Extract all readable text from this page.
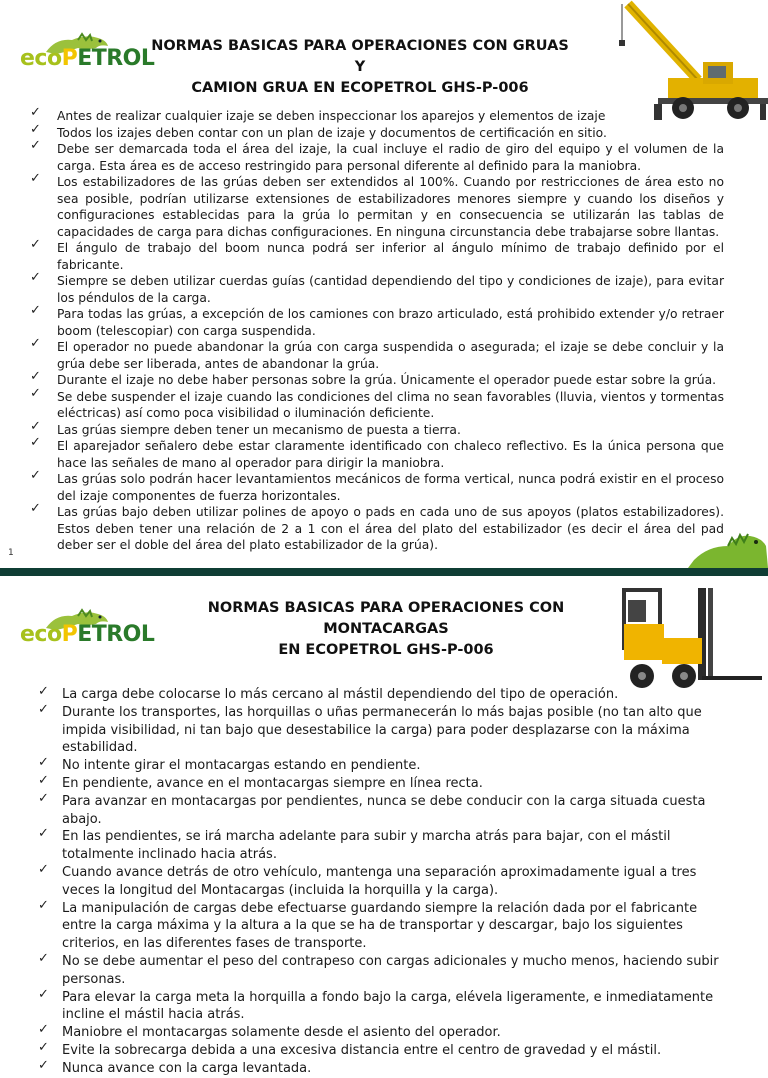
ecoPETROL
NORMAS BASICAS PARA OPERACIONES CON GRUAS Y
CAMION GRUA EN ECOPETROL GHS-P-006
✓ Antes de realizar cualquier izaje se deben inspeccionar los aparejos y elementos de izaje
✓ Todos los izajes deben contar con un plan de izaje y documentos de certificación en sitio.
✓ Debe ser demarcada toda el área del izaje, la cual incluye el radio de giro del equipo y el volumen de la carga. Esta área es de acceso restringido para personal diferente al definido para la maniobra.
✓ Los estabilizadores de las grúas deben ser extendidos al 100%. Cuando por restricciones de área esto no sea posible, podrían utilizarse extensiones de estabilizadores menores siempre y cuando los diseños y configuraciones establecidas para la grúa lo permitan y en consecuencia se utilizarán las tablas de capacidades de carga para dichas configuraciones. En ninguna circunstancia debe trabajarse sobre llantas.
✓ El ángulo de trabajo del boom nunca podrá ser inferior al ángulo mínimo de trabajo definido por el fabricante.
✓ Siempre se deben utilizar cuerdas guías (cantidad dependiendo del tipo y condiciones de izaje), para evitar los péndulos de la carga.
✓ Para todas las grúas, a excepción de los camiones con brazo articulado, está prohibido extender y/o retraer boom (telescopiar) con carga suspendida.
✓ El operador no puede abandonar la grúa con carga suspendida o asegurada; el izaje se debe concluir y la grúa debe ser liberada, antes de abandonar la grúa.
✓ Durante el izaje no debe haber personas sobre la grúa. Únicamente el operador puede estar sobre la grúa.
✓ Se debe suspender el izaje cuando las condiciones del clima no sean favorables (lluvia, vientos y tormentas eléctricas) así como poca visibilidad o iluminación deficiente.
✓ Las grúas siempre deben tener un mecanismo de puesta a tierra.
✓ El aparejador señalero debe estar claramente identificado con chaleco reflectivo. Es la única persona que hace las señales de mano al operador para dirigir la maniobra.
✓ Las grúas solo podrán hacer levantamientos mecánicos de forma vertical, nunca podrá existir en el proceso del izaje componentes de fuerza horizontales.
✓ Las grúas bajo deben utilizar polines de apoyo o pads en cada uno de sus apoyos (platos estabilizadores). Estos deben tener una relación de 2 a 1 con el área del plato del estabilizador (es decir el área del pad deber ser el doble del área del plato estabilizador de la grúa).
1
ecoPETROL
NORMAS BASICAS PARA OPERACIONES CON MONTACARGAS
EN ECOPETROL GHS-P-006
✓ La carga debe colocarse lo más cercano al mástil dependiendo del tipo de operación.
✓ Durante los transportes, las horquillas o uñas permanecerán lo más bajas posible (no tan alto que impida visibilidad, ni tan bajo que desestabilice la carga) para poder desplazarse con la máxima estabilidad.
✓ No intente girar el montacargas estando en pendiente.
✓ En pendiente, avance en el montacargas siempre en línea recta.
✓ Para avanzar en montacargas por pendientes, nunca se debe conducir con la carga situada cuesta abajo.
✓ En las pendientes, se irá marcha adelante para subir y marcha atrás para bajar, con el mástil totalmente inclinado hacia atrás.
✓ Cuando avance detrás de otro vehículo, mantenga una separación aproximadamente igual a tres veces la longitud del Montacargas (incluida la horquilla y la carga).
✓ La manipulación de cargas debe efectuarse guardando siempre la relación dada por el fabricante entre la carga máxima y la altura a la que se ha de transportar y descargar, bajo los siguientes criterios, en las diferentes fases de transporte.
✓ No se debe aumentar el peso del contrapeso con cargas adicionales y mucho menos, haciendo subir personas.
✓ Para elevar la carga meta la horquilla a fondo bajo la carga, elévela ligeramente, e inmediatamente incline el mástil hacia atrás.
✓ Maniobre el montacargas solamente desde el asiento del operador.
✓ Evite la sobrecarga debida a una excesiva distancia entre el centro de gravedad y el mástil.
✓ Nunca avance con la carga levantada.
